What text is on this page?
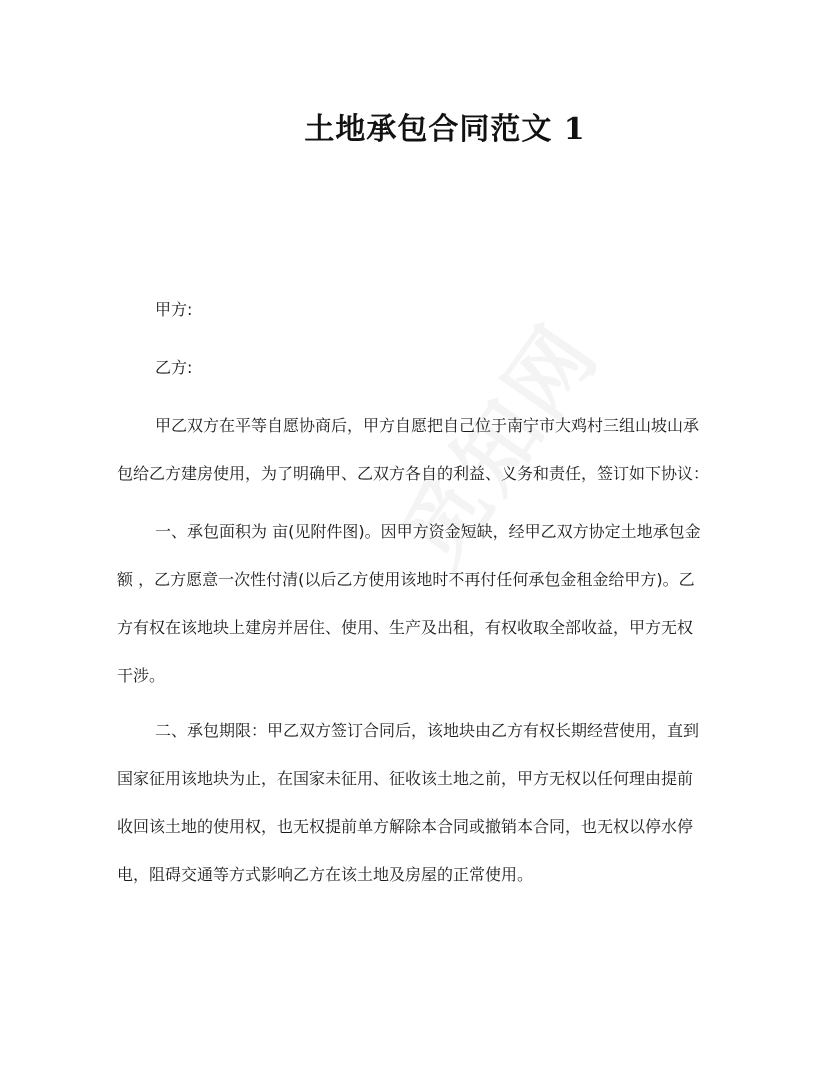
土地承包合同范文 1
甲方:
乙方:
甲乙双方在平等自愿协商后，甲方自愿把自己位于南宁市大鸡村三组山坡山承
包给乙方建房使用，为了明确甲、乙双方各自的利益、义务和责任，签订如下协议：
一、承包面积为 亩(见附件图)。因甲方资金短缺，经甲乙双方协定土地承包金
额 ，乙方愿意一次性付清(以后乙方使用该地时不再付任何承包金租金给甲方)。乙
方有权在该地块上建房并居住、使用、生产及出租，有权收取全部收益，甲方无权
干涉。
二、承包期限：甲乙双方签订合同后，该地块由乙方有权长期经营使用，直到
国家征用该地块为止，在国家未征用、征收该土地之前，甲方无权以任何理由提前
收回该土地的使用权，也无权提前单方解除本合同或撤销本合同，也无权以停水停
电，阻碍交通等方式影响乙方在该土地及房屋的正常使用。
